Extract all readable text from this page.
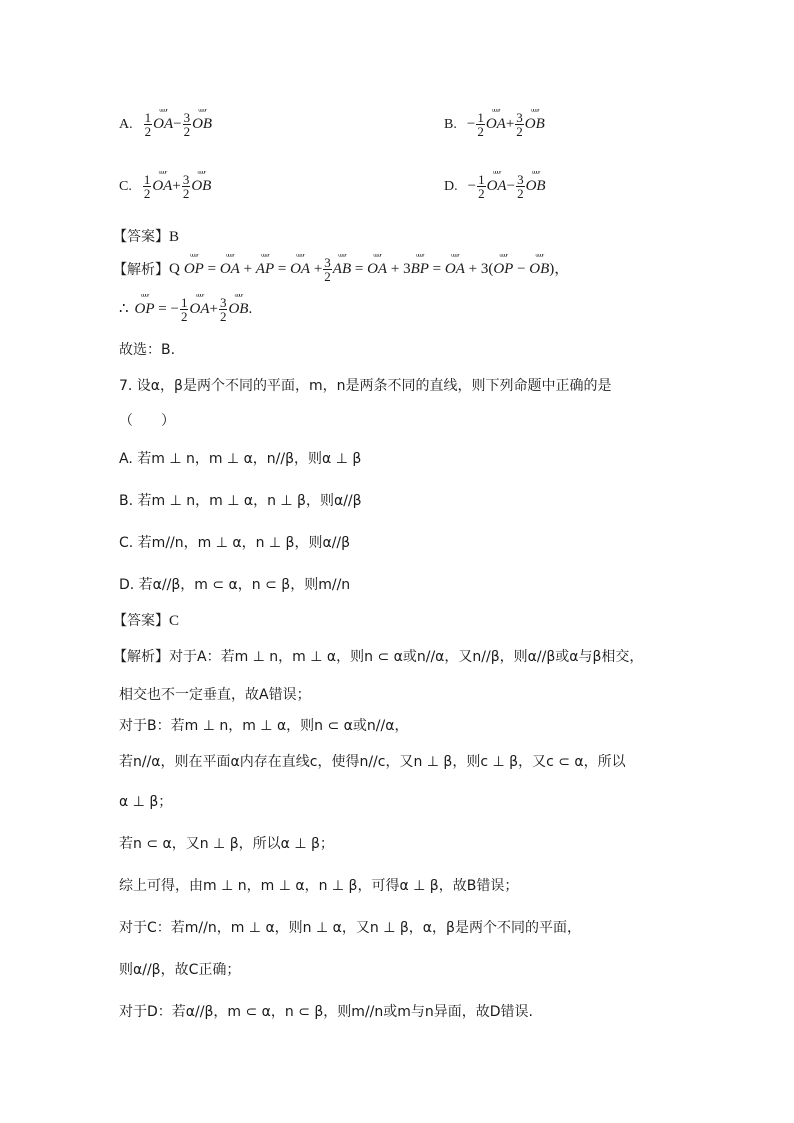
A. $\frac{1}{2}$ ᵘᵘᵘʳ
OA − $\frac{3}{2}$ ᵘᵘᵘʳ
OB	B. − $\frac{1}{2}$ ᵘᵘᵘʳ
OA + $\frac{3}{2}$ ᵘᵘᵘʳ
OB
C. $\frac{1}{2}$ ᵘᵘᵘʳ
OA + $\frac{3}{2}$ ᵘᵘᵘʳ
OB	D. − $\frac{1}{2}$ ᵘᵘᵘʳ
OA − $\frac{3}{2}$ ᵘᵘᵘʳ
OB
【答案】B
【解析】 Q
ᵘᵘᵘʳ
OP =
ᵘᵘᵘʳ
OA +
ᵘᵘᵘʳ
AP =
ᵘᵘᵘʳ
OA + $\frac{3}{2}$ ᵘᵘᵘʳ
AB =
ᵘᵘᵘʳ
OA + 3
ᵘᵘᵘʳ
BP =
ᵘᵘᵘʳ
OA + 3(
ᵘᵘᵘʳ
OP −
ᵘᵘᵘʳ
OB )，
∴
ᵘᵘᵘʳ
OP = − $\frac{1}{2}$ ᵘᵘᵘʳ
OA + $\frac{3}{2}$ ᵘᵘᵘʳ
OB .
故选：B.
7. 设α，β是两个不同的平面，m，n是两条不同的直线，则下列命题中正确的是
（　　）
A. 若m ⊥ n，m ⊥ α，n//β，则α ⊥ β
B. 若m ⊥ n，m ⊥ α，n ⊥ β，则α//β
C. 若m//n，m ⊥ α，n ⊥ β，则α//β
D. 若α//β，m ⊂ α，n ⊂ β，则m//n
【答案】C
【解析】对于A：若m ⊥ n，m ⊥ α，则n ⊂ α或n//α，又n//β，则α//β或α与β相交，
相交也不一定垂直，故A错误；
对于B：若m ⊥ n，m ⊥ α，则n ⊂ α或n//α，
若n//α，则在平面α内存在直线c，使得n//c，又n ⊥ β，则c ⊥ β，又c ⊂ α，所以
α ⊥ β；
若n ⊂ α，又n ⊥ β，所以α ⊥ β；
综上可得，由m ⊥ n，m ⊥ α，n ⊥ β，可得α ⊥ β，故B错误；
对于C：若m//n，m ⊥ α，则n ⊥ α，又n ⊥ β，α，β是两个不同的平面，
则α//β，故C正确；
对于D：若α//β，m ⊂ α，n ⊂ β，则m//n或m与n异面，故D错误.
